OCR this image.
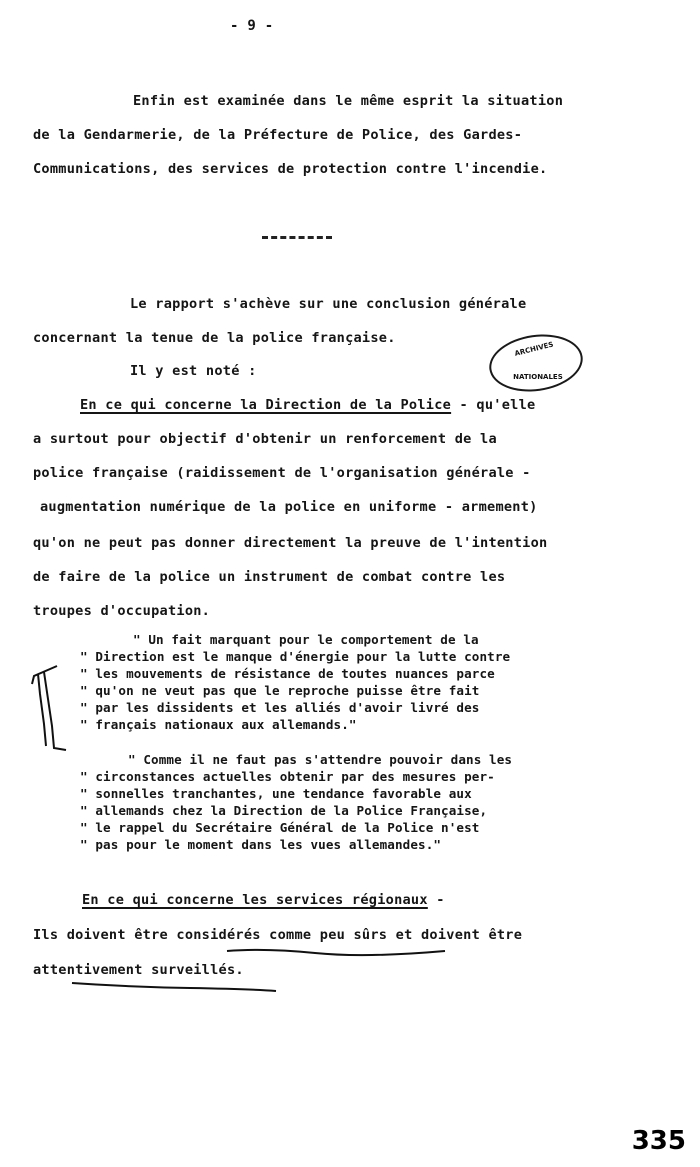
- 9 -
Enfin est examinée dans le même esprit la situation
de la Gendarmerie, de la Préfecture de Police, des Gardes-
Communications, des services de protection contre l'incendie.
Le rapport s'achève sur une conclusion générale
concernant la tenue de la police française.
Il y est noté :
ARCHIVES
NATIONALES
En ce qui concerne la Direction de la Police - qu'elle
a surtout pour objectif d'obtenir un renforcement de la
police française (raidissement de l'organisation générale -
augmentation numérique de la police en uniforme - armement)
qu'on ne peut pas donner directement la preuve de l'intention
de faire de la police un instrument de combat contre les
troupes d'occupation.
" Un fait marquant pour le comportement de la
" Direction est le manque d'énergie pour la lutte contre
" les mouvements de résistance de toutes nuances parce
" qu'on ne veut pas que le reproche puisse être fait
" par les dissidents et les alliés d'avoir livré des
" français nationaux aux allemands."
" Comme il ne faut pas s'attendre pouvoir dans les
" circonstances actuelles obtenir par des mesures per-
" sonnelles tranchantes, une tendance favorable aux
" allemands chez la Direction de la Police Française,
" le rappel du Secrétaire Général de la Police n'est
" pas pour le moment dans les vues allemandes."
En ce qui concerne les services régionaux -
Ils doivent être considérés comme peu sûrs et doivent être
attentivement surveillés.
335
